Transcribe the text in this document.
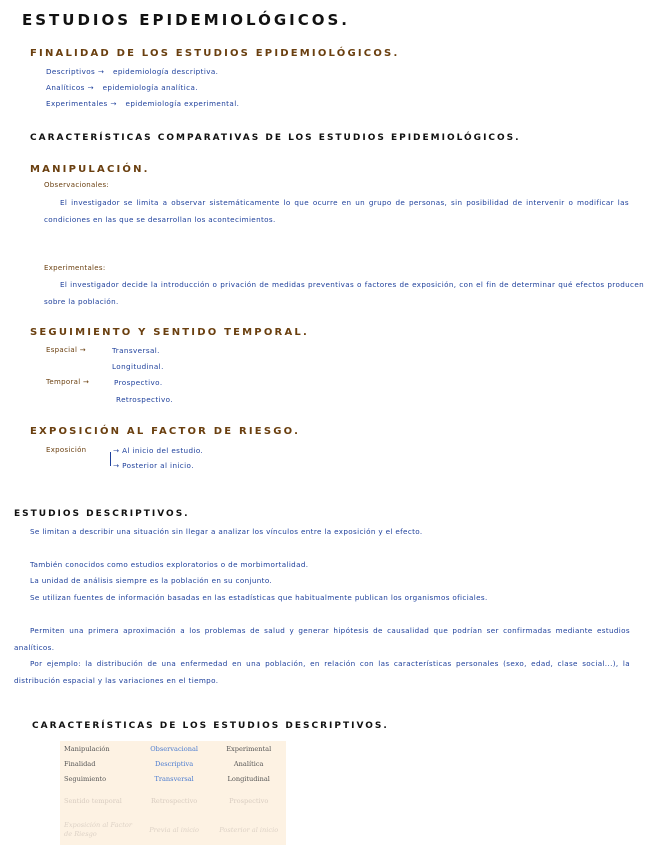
ESTUDIOS EPIDEMIOLÓGICOS.
FINALIDAD DE LOS ESTUDIOS EPIDEMIOLÓGICOS.
Descriptivos → epidemiología descriptiva.
Analíticos → epidemiología analítica.
Experimentales → epidemiología experimental.
CARACTERÍSTICAS COMPARATIVAS DE LOS ESTUDIOS EPIDEMIOLÓGICOS.
MANIPULACIÓN.
Observacionales:
El investigador se limita a observar sistemáticamente lo que ocurre en un grupo de personas, sin posibilidad de intervenir o modificar las condiciones en las que se desarrollan los acontecimientos.
Experimentales:
El investigador decide la introducción o privación de medidas preventivas o factores de exposición, con el fin de determinar qué efectos producen sobre la población.
SEGUIMIENTO Y SENTIDO TEMPORAL.
Espacial →	Transversal.
Longitudinal.
Temporal →	Prospectivo.
Retrospectivo.
EXPOSICIÓN AL FACTOR DE RIESGO.
Exposición	→ Al inicio del estudio.
→ Posterior al inicio.
ESTUDIOS DESCRIPTIVOS.
Se limitan a describir una situación sin llegar a analizar los vínculos entre la exposición y el efecto.
También conocidos como estudios exploratorios o de morbimortalidad.
La unidad de análisis siempre es la población en su conjunto.
Se utilizan fuentes de información basadas en las estadísticas que habitualmente publican los organismos oficiales.
Permiten una primera aproximación a los problemas de salud y generar hipótesis de causalidad que podrían ser confirmadas mediante estudios analíticos.
Por ejemplo: la distribución de una enfermedad en una población, en relación con las características personales (sexo, edad, clase social...), la distribución espacial y las variaciones en el tiempo.
CARACTERÍSTICAS DE LOS ESTUDIOS DESCRIPTIVOS.
Manipulación	Observacional	Experimental
Finalidad	Descriptiva	Analítica
Seguimiento	Transversal	Longitudinal
Sentido temporal	Retrospectivo	Prospectivo
Exposición al Factor de Riesgo	Previa al inicio	Posterior al inicio
